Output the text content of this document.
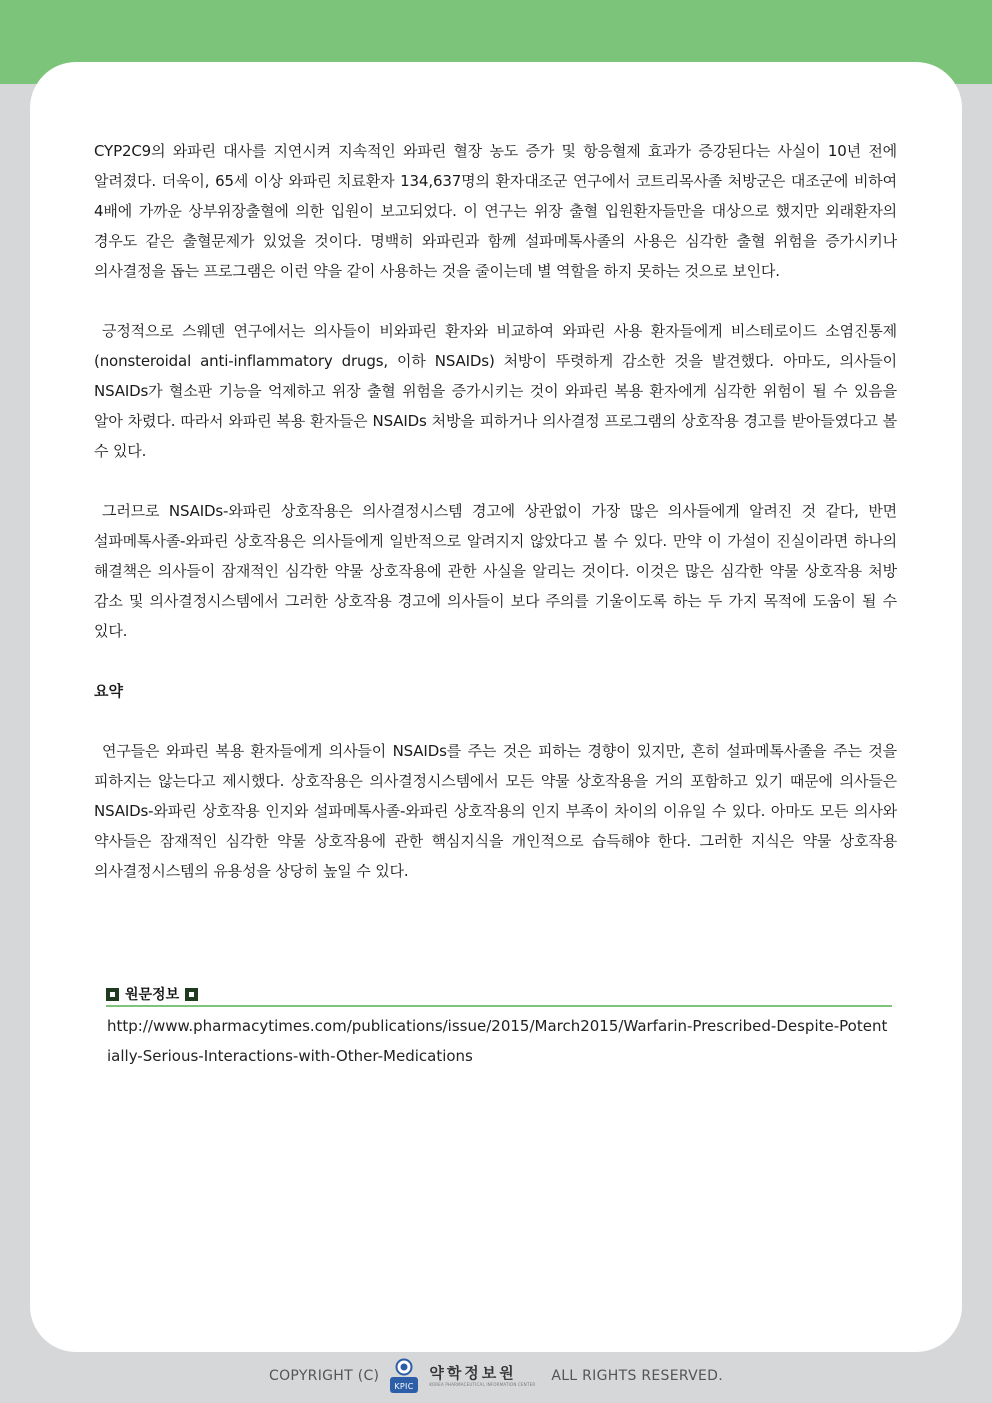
CYP2C9의 와파린 대사를 지연시켜 지속적인 와파린 혈장 농도 증가 및 항응혈제 효과가 증강된다는 사실이 10년 전에 알려졌다. 더욱이, 65세 이상 와파린 치료환자 134,637명의 환자대조군 연구에서 코트리목사졸 처방군은 대조군에 비하여 4배에 가까운 상부위장출혈에 의한 입원이 보고되었다. 이 연구는 위장 출혈 입원환자들만을 대상으로 했지만 외래환자의 경우도 같은 출혈문제가 있었을 것이다. 명백히 와파린과 함께 설파메톡사졸의 사용은 심각한 출혈 위험을 증가시키나 의사결정을 돕는 프로그램은 이런 약을 같이 사용하는 것을 줄이는데 별 역할을 하지 못하는 것으로 보인다.

긍정적으로 스웨덴 연구에서는 의사들이 비와파린 환자와 비교하여 와파린 사용 환자들에게 비스테로이드 소염진통제(nonsteroidal anti-inflammatory drugs, 이하 NSAIDs) 처방이 뚜렷하게 감소한 것을 발견했다. 아마도, 의사들이 NSAIDs가 혈소판 기능을 억제하고 위장 출혈 위험을 증가시키는 것이 와파린 복용 환자에게 심각한 위험이 될 수 있음을 알아 차렸다. 따라서 와파린 복용 환자들은 NSAIDs 처방을 피하거나 의사결정 프로그램의 상호작용 경고를 받아들였다고 볼 수 있다.

그러므로 NSAIDs-와파린 상호작용은 의사결정시스템 경고에 상관없이 가장 많은 의사들에게 알려진 것 같다, 반면 설파메톡사졸-와파린 상호작용은 의사들에게 일반적으로 알려지지 않았다고 볼 수 있다. 만약 이 가설이 진실이라면 하나의 해결책은 의사들이 잠재적인 심각한 약물 상호작용에 관한 사실을 알리는 것이다. 이것은 많은 심각한 약물 상호작용 처방 감소 및 의사결정시스템에서 그러한 상호작용 경고에 의사들이 보다 주의를 기울이도록 하는 두 가지 목적에 도움이 될 수 있다.

요약

연구들은 와파린 복용 환자들에게 의사들이 NSAIDs를 주는 것은 피하는 경향이 있지만, 흔히 설파메톡사졸을 주는 것을 피하지는 않는다고 제시했다. 상호작용은 의사결정시스템에서 모든 약물 상호작용을 거의 포함하고 있기 때문에 의사들은 NSAIDs-와파린 상호작용 인지와 설파메톡사졸-와파린 상호작용의 인지 부족이 차이의 이유일 수 있다. 아마도 모든 의사와 약사들은 잠재적인 심각한 약물 상호작용에 관한 핵심지식을 개인적으로 습득해야 한다. 그러한 지식은 약물 상호작용 의사결정시스템의 유용성을 상당히 높일 수 있다.

원문정보
http://www.pharmacytimes.com/publications/issue/2015/March2015/Warfarin-Prescribed-Despite-Potentially-Serious-Interactions-with-Other-Medications
COPYRIGHT (C)
KPIC
약학정보원
KOREA PHARMACEUTICAL INFORMATION CENTER
ALL RIGHTS RESERVED.
